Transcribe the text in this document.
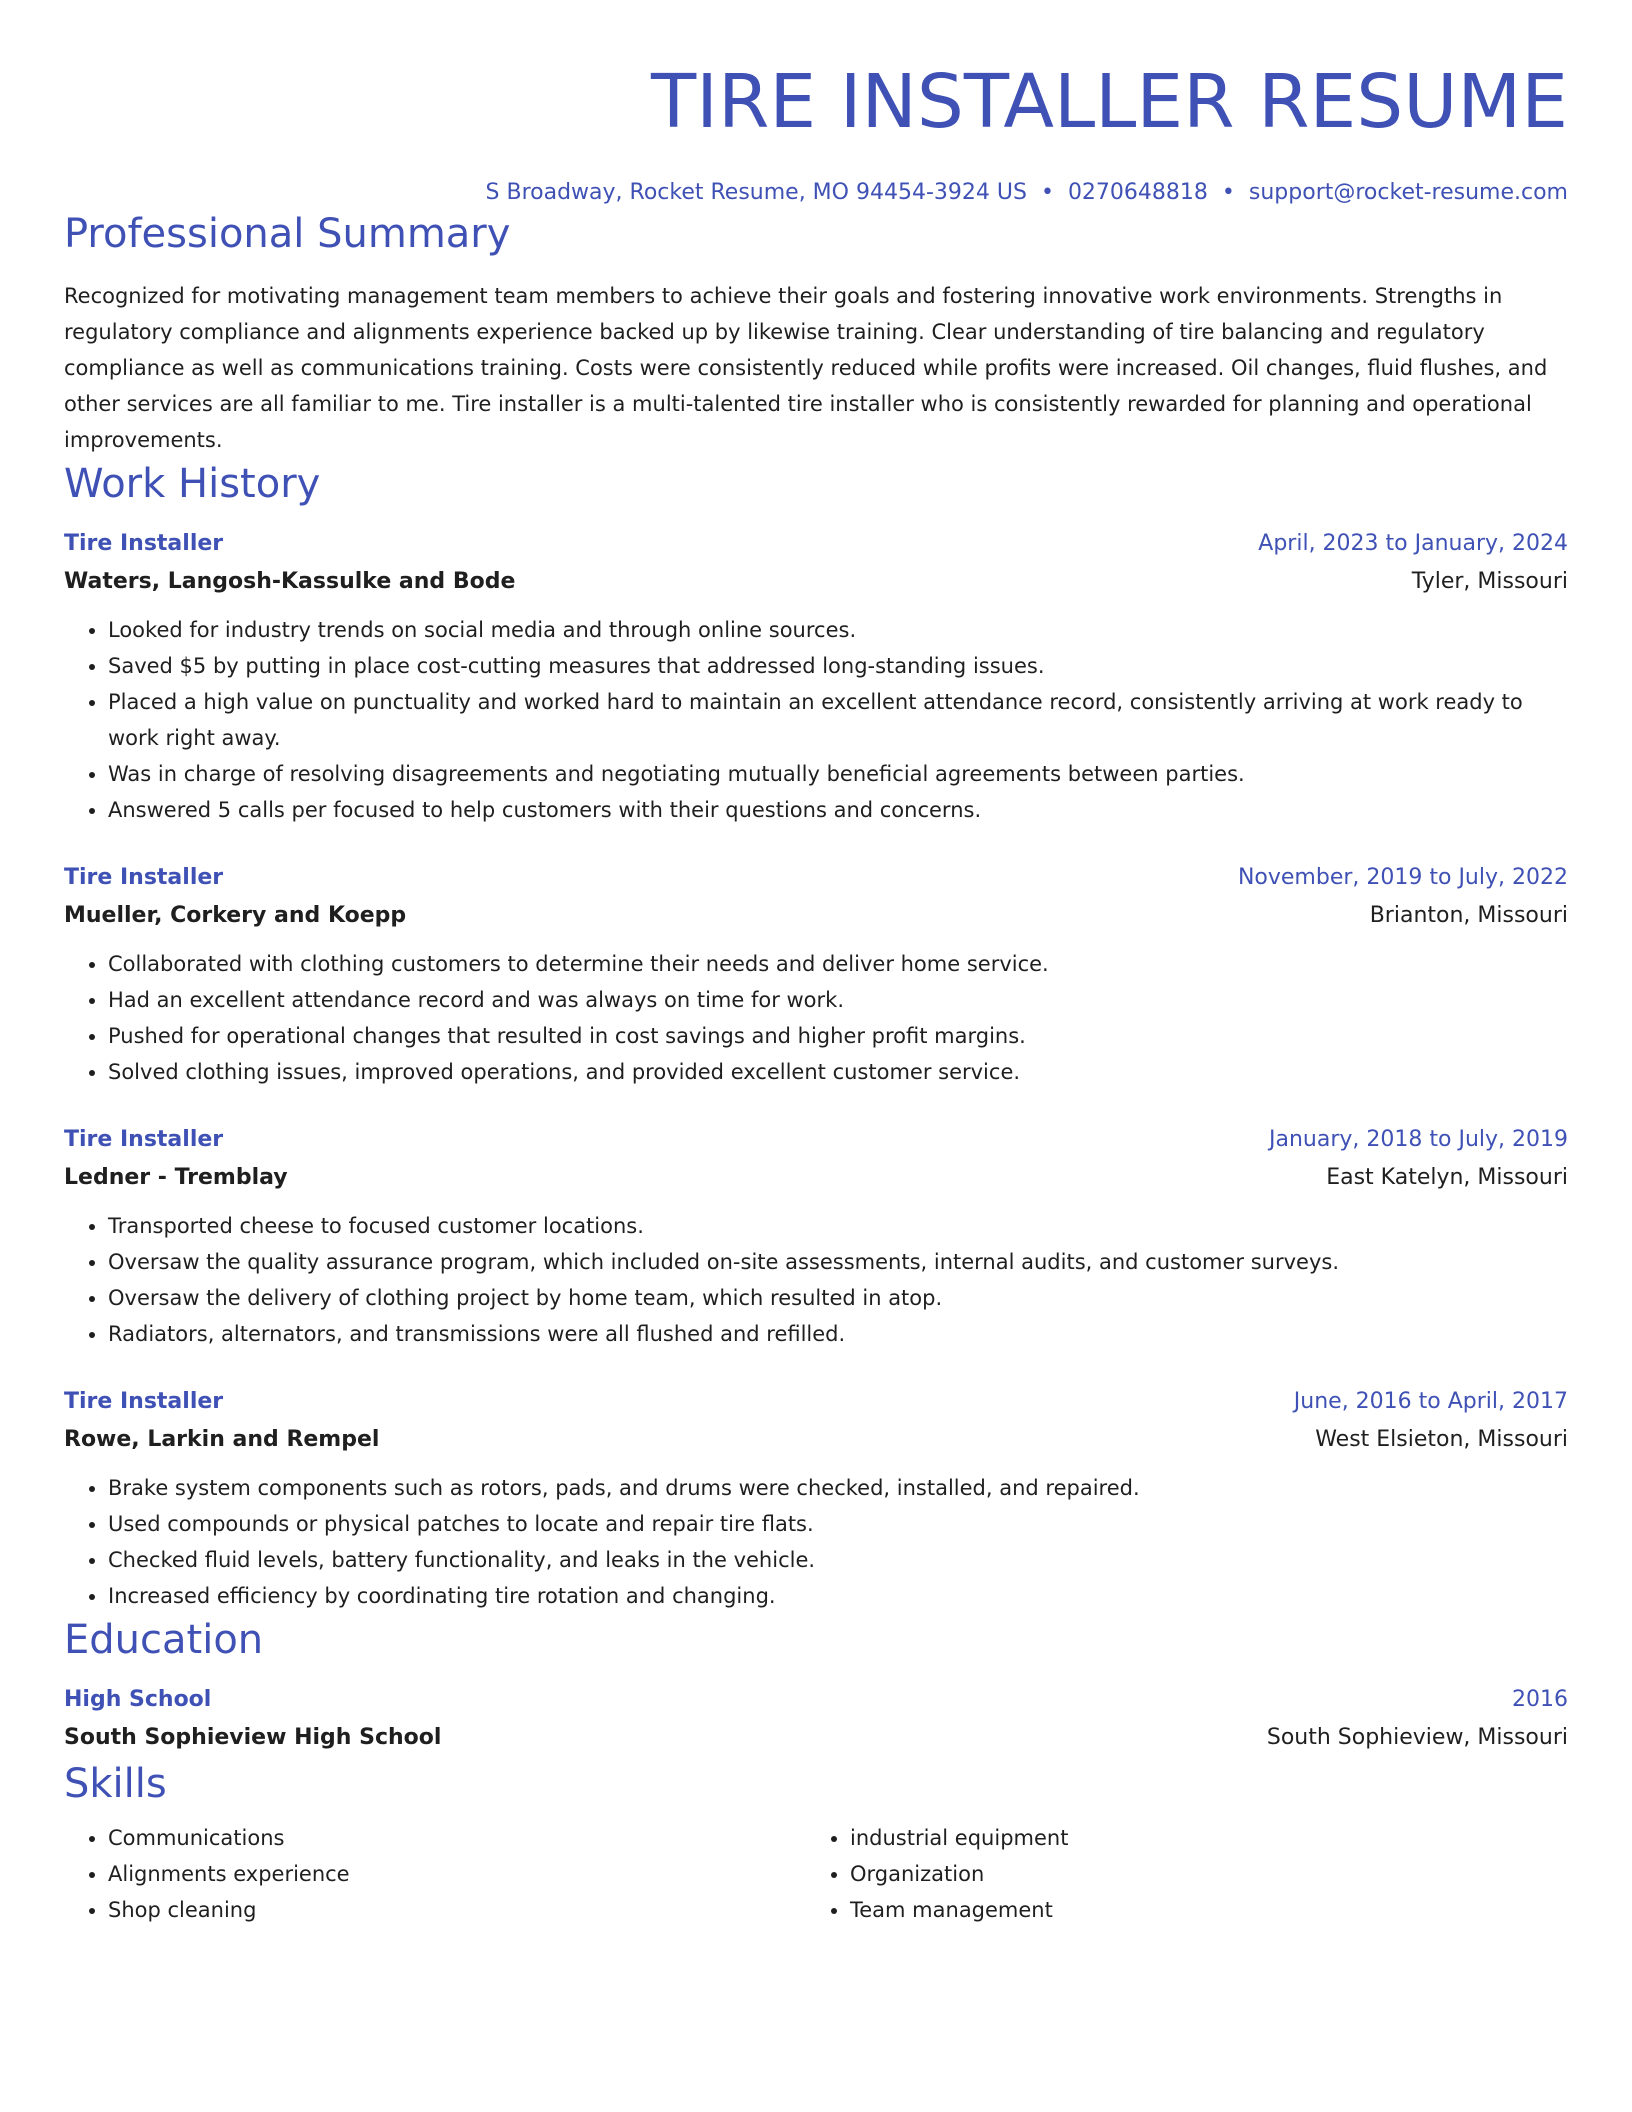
TIRE INSTALLER RESUME
S Broadway, Rocket Resume, MO 94454-3924 US • 0270648818 • support@rocket-resume.com
Professional Summary
Recognized for motivating management team members to achieve their goals and fostering innovative work environments. Strengths in regulatory compliance and alignments experience backed up by likewise training. Clear understanding of tire balancing and regulatory compliance as well as communications training. Costs were consistently reduced while profits were increased. Oil changes, fluid flushes, and other services are all familiar to me. Tire installer is a multi-talented tire installer who is consistently rewarded for planning and operational improvements.
Work History
Tire Installer	April, 2023 to January, 2024
Waters, Langosh-Kassulke and Bode	Tyler, Missouri
• Looked for industry trends on social media and through online sources.
• Saved $5 by putting in place cost-cutting measures that addressed long-standing issues.
• Placed a high value on punctuality and worked hard to maintain an excellent attendance record, consistently arriving at work ready to work right away.
• Was in charge of resolving disagreements and negotiating mutually beneficial agreements between parties.
• Answered 5 calls per focused to help customers with their questions and concerns.
Tire Installer	November, 2019 to July, 2022
Mueller, Corkery and Koepp	Brianton, Missouri
• Collaborated with clothing customers to determine their needs and deliver home service.
• Had an excellent attendance record and was always on time for work.
• Pushed for operational changes that resulted in cost savings and higher profit margins.
• Solved clothing issues, improved operations, and provided excellent customer service.
Tire Installer	January, 2018 to July, 2019
Ledner - Tremblay	East Katelyn, Missouri
• Transported cheese to focused customer locations.
• Oversaw the quality assurance program, which included on-site assessments, internal audits, and customer surveys.
• Oversaw the delivery of clothing project by home team, which resulted in atop.
• Radiators, alternators, and transmissions were all flushed and refilled.
Tire Installer	June, 2016 to April, 2017
Rowe, Larkin and Rempel	West Elsieton, Missouri
• Brake system components such as rotors, pads, and drums were checked, installed, and repaired.
• Used compounds or physical patches to locate and repair tire flats.
• Checked fluid levels, battery functionality, and leaks in the vehicle.
• Increased efficiency by coordinating tire rotation and changing.
Education
High School	2016
South Sophieview High School	South Sophieview, Missouri
Skills
• Communications
• Alignments experience
• Shop cleaning
• industrial equipment
• Organization
• Team management
